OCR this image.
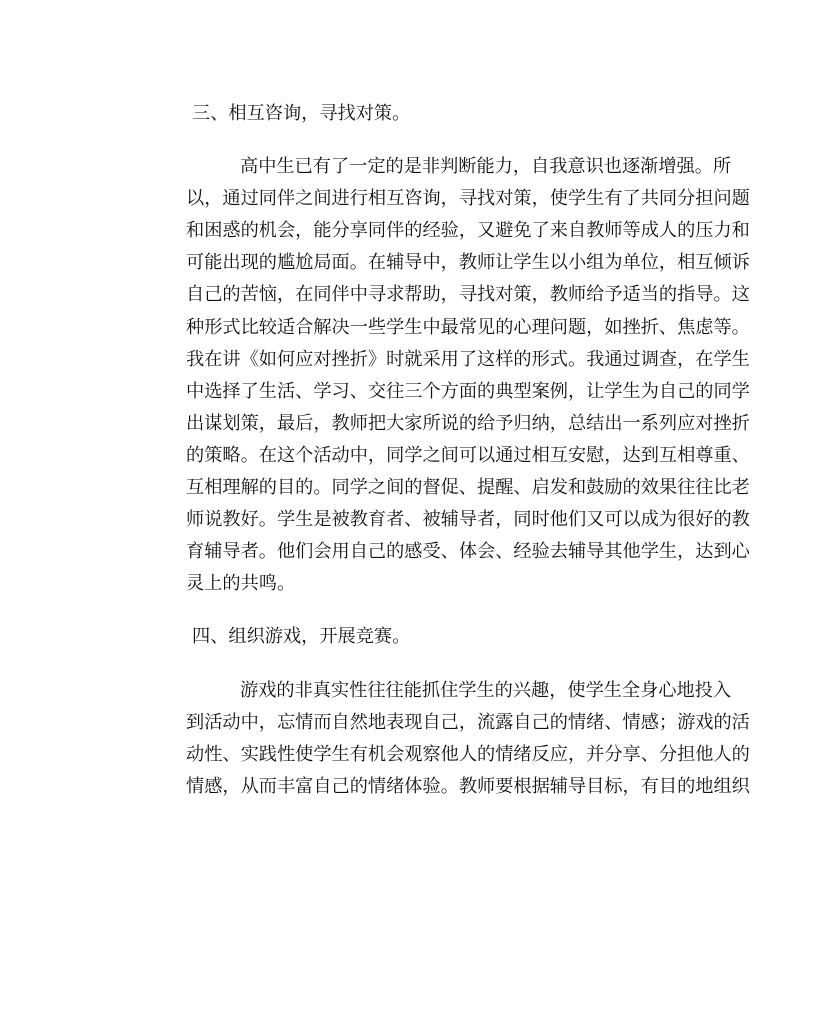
三、相互咨询，寻找对策。
高中生已有了一定的是非判断能力，自我意识也逐渐增强。所
以，通过同伴之间进行相互咨询，寻找对策，使学生有了共同分担问题
和困惑的机会，能分享同伴的经验，又避免了来自教师等成人的压力和
可能出现的尴尬局面。在辅导中，教师让学生以小组为单位，相互倾诉
自己的苦恼，在同伴中寻求帮助，寻找对策，教师给予适当的指导。这
种形式比较适合解决一些学生中最常见的心理问题，如挫折、焦虑等。
我在讲《如何应对挫折》时就采用了这样的形式。我通过调查，在学生
中选择了生活、学习、交往三个方面的典型案例，让学生为自己的同学
出谋划策，最后，教师把大家所说的给予归纳，总结出一系列应对挫折
的策略。在这个活动中，同学之间可以通过相互安慰，达到互相尊重、
互相理解的目的。同学之间的督促、提醒、启发和鼓励的效果往往比老
师说教好。学生是被教育者、被辅导者，同时他们又可以成为很好的教
育辅导者。他们会用自己的感受、体会、经验去辅导其他学生，达到心
灵上的共鸣。
四、组织游戏，开展竞赛。
游戏的非真实性往往能抓住学生的兴趣，使学生全身心地投入
到活动中，忘情而自然地表现自己，流露自己的情绪、情感；游戏的活
动性、实践性使学生有机会观察他人的情绪反应，并分享、分担他人的
情感，从而丰富自己的情绪体验。教师要根据辅导目标，有目的地组织
